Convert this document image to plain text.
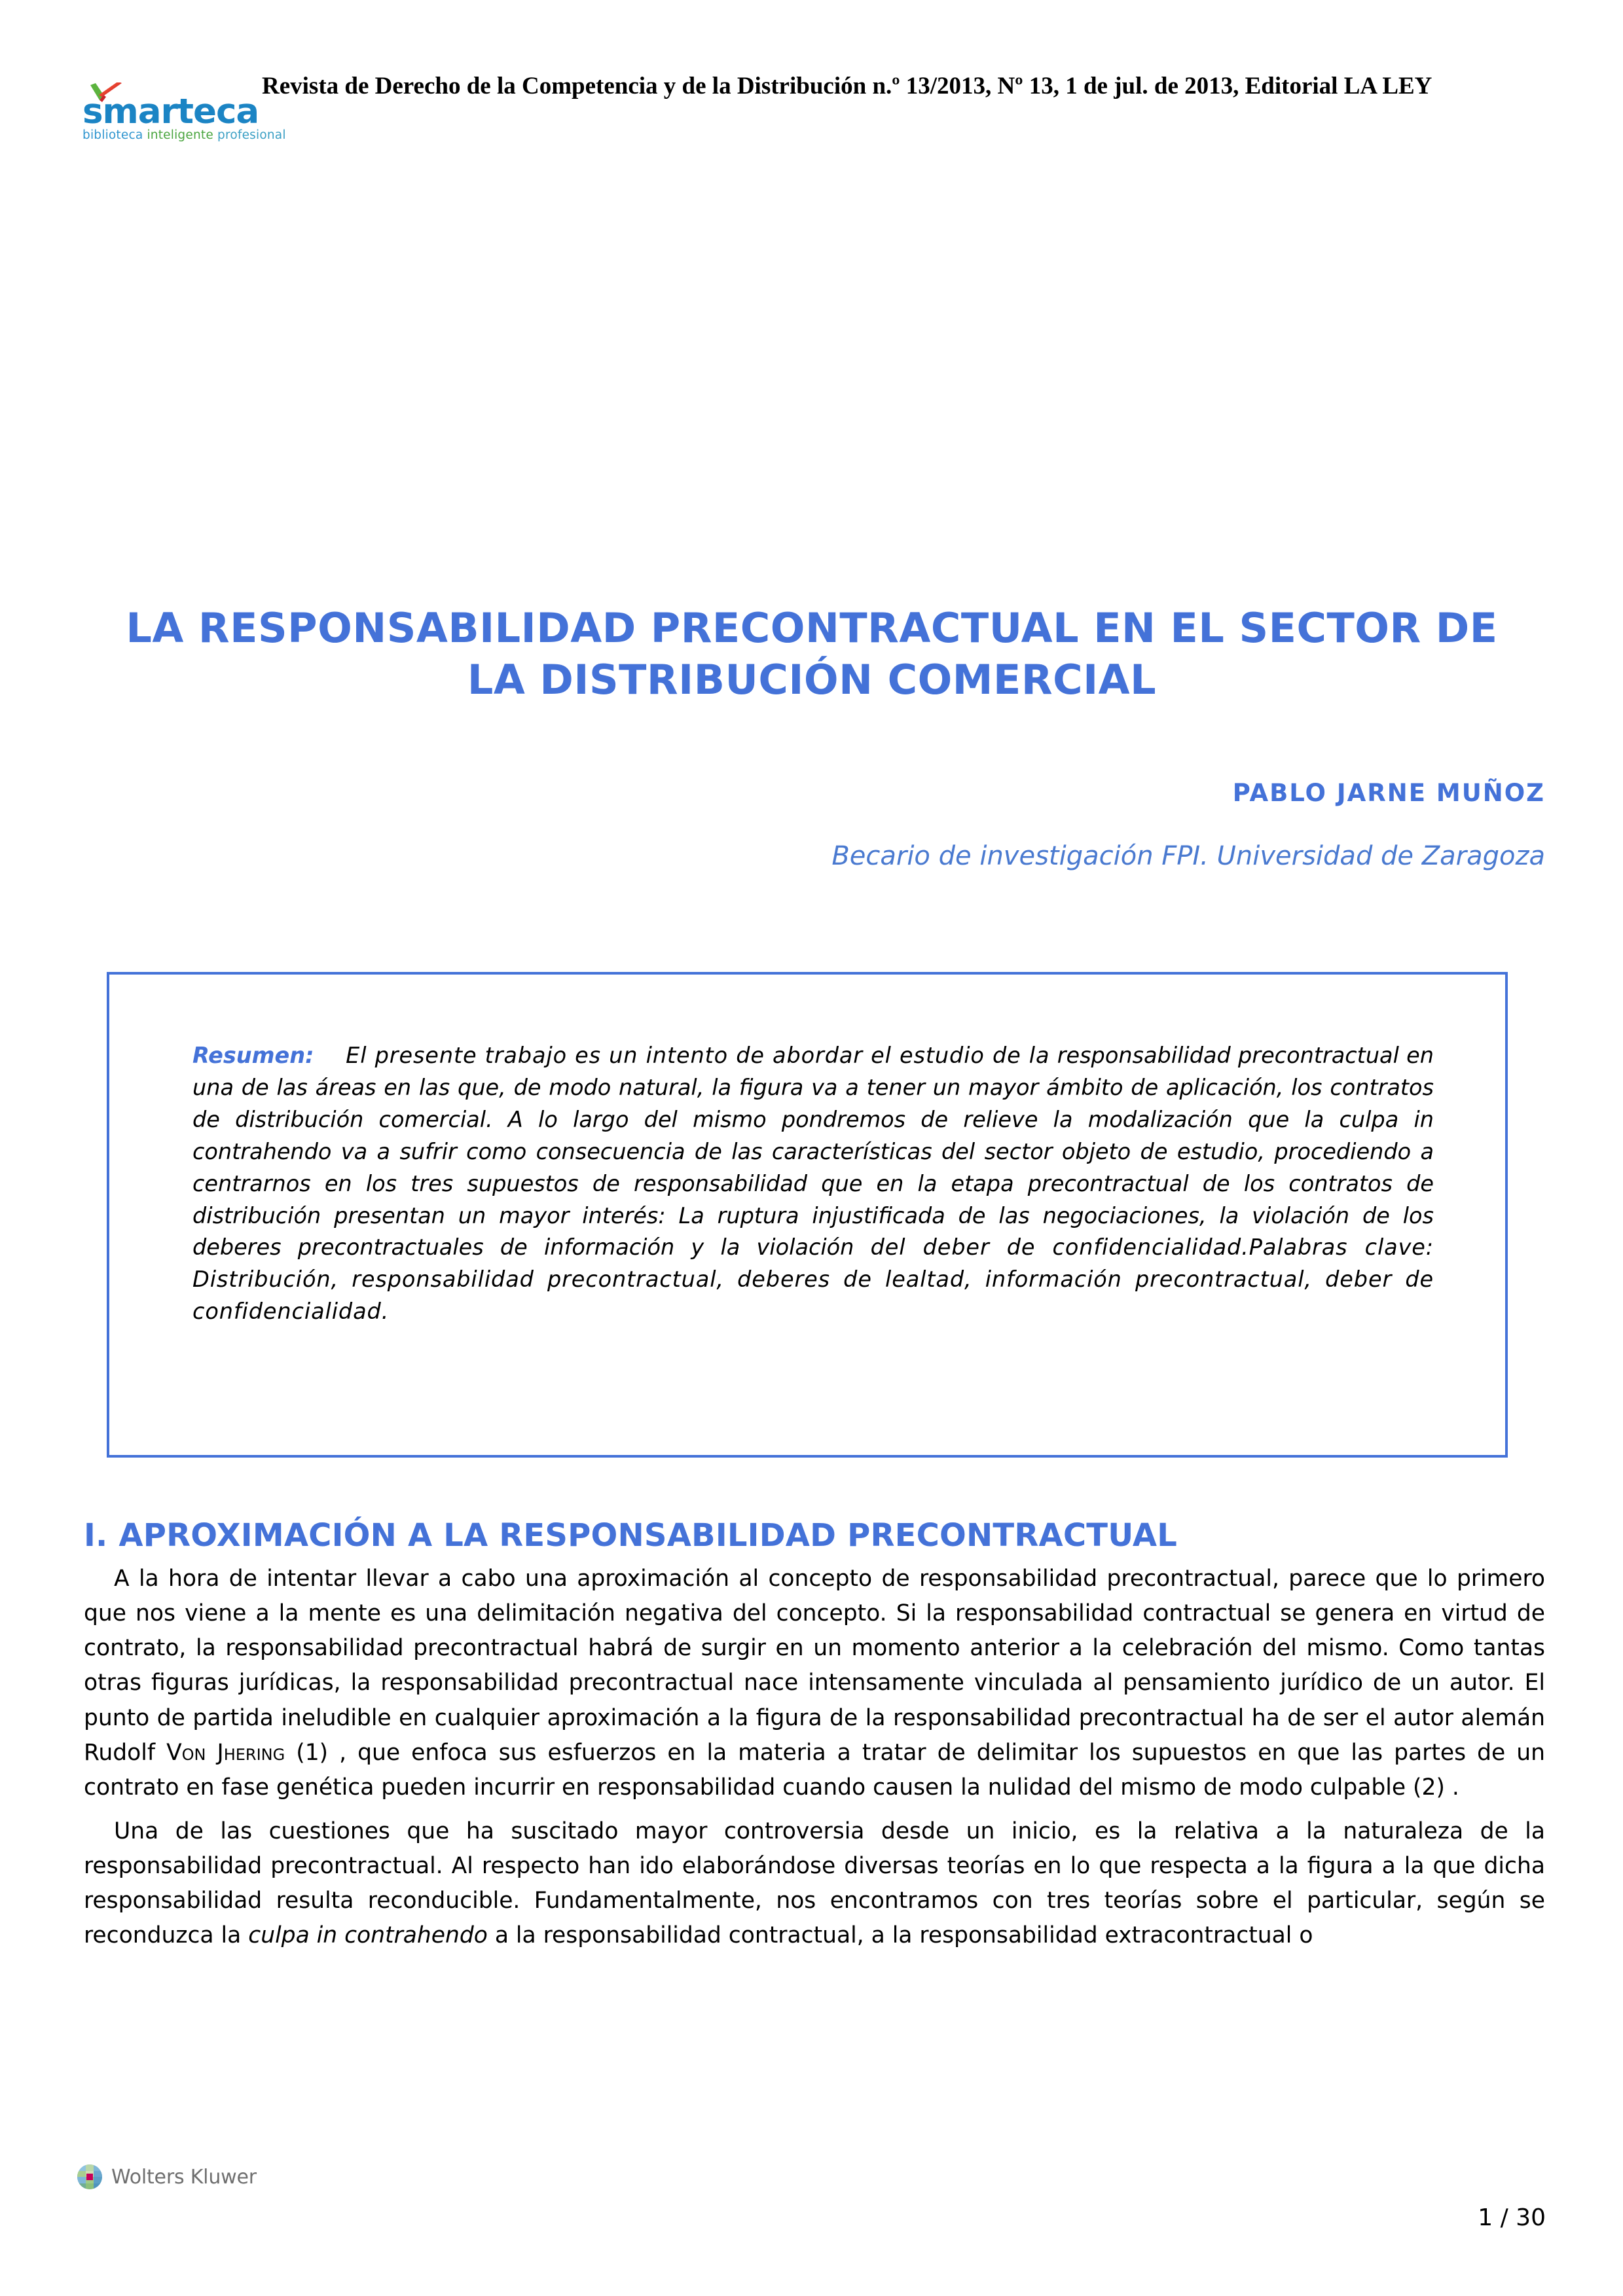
smarteca
biblioteca inteligente profesional
Revista de Derecho de la Competencia y de la Distribución n.º 13/2013, Nº 13, 1 de jul. de 2013, Editorial LA LEY
LA RESPONSABILIDAD PRECONTRACTUAL EN EL SECTOR DE LA DISTRIBUCIÓN COMERCIAL
PABLO JARNE MUÑOZ
Becario de investigación FPI. Universidad de Zaragoza
Resumen: El presente trabajo es un intento de abordar el estudio de la responsabilidad precontractual en una de las áreas en las que, de modo natural, la figura va a tener un mayor ámbito de aplicación, los contratos de distribución comercial. A lo largo del mismo pondremos de relieve la modalización que la culpa in contrahendo va a sufrir como consecuencia de las características del sector objeto de estudio, procediendo a centrarnos en los tres supuestos de responsabilidad que en la etapa precontractual de los contratos de distribución presentan un mayor interés: La ruptura injustificada de las negociaciones, la violación de los deberes precontractuales de información y la violación del deber de confidencialidad.Palabras clave: Distribución, responsabilidad precontractual, deberes de lealtad, información precontractual, deber de confidencialidad.
I. APROXIMACIÓN A LA RESPONSABILIDAD PRECONTRACTUAL

A la hora de intentar llevar a cabo una aproximación al concepto de responsabilidad precontractual, parece que lo primero que nos viene a la mente es una delimitación negativa del concepto. Si la responsabilidad contractual se genera en virtud de contrato, la responsabilidad precontractual habrá de surgir en un momento anterior a la celebración del mismo. Como tantas otras figuras jurídicas, la responsabilidad precontractual nace intensamente vinculada al pensamiento jurídico de un autor. El punto de partida ineludible en cualquier aproximación a la figura de la responsabilidad precontractual ha de ser el autor alemán Rudolf Von Jhering (1) , que enfoca sus esfuerzos en la materia a tratar de delimitar los supuestos en que las partes de un contrato en fase genética pueden incurrir en responsabilidad cuando causen la nulidad del mismo de modo culpable (2) .

Una de las cuestiones que ha suscitado mayor controversia desde un inicio, es la relativa a la naturaleza de la responsabilidad precontractual. Al respecto han ido elaborándose diversas teorías en lo que respecta a la figura a la que dicha responsabilidad resulta reconducible. Fundamentalmente, nos encontramos con tres teorías sobre el particular, según se reconduzca la culpa in contrahendo a la responsabilidad contractual, a la responsabilidad extracontractual o

Wolters Kluwer
1 / 30
